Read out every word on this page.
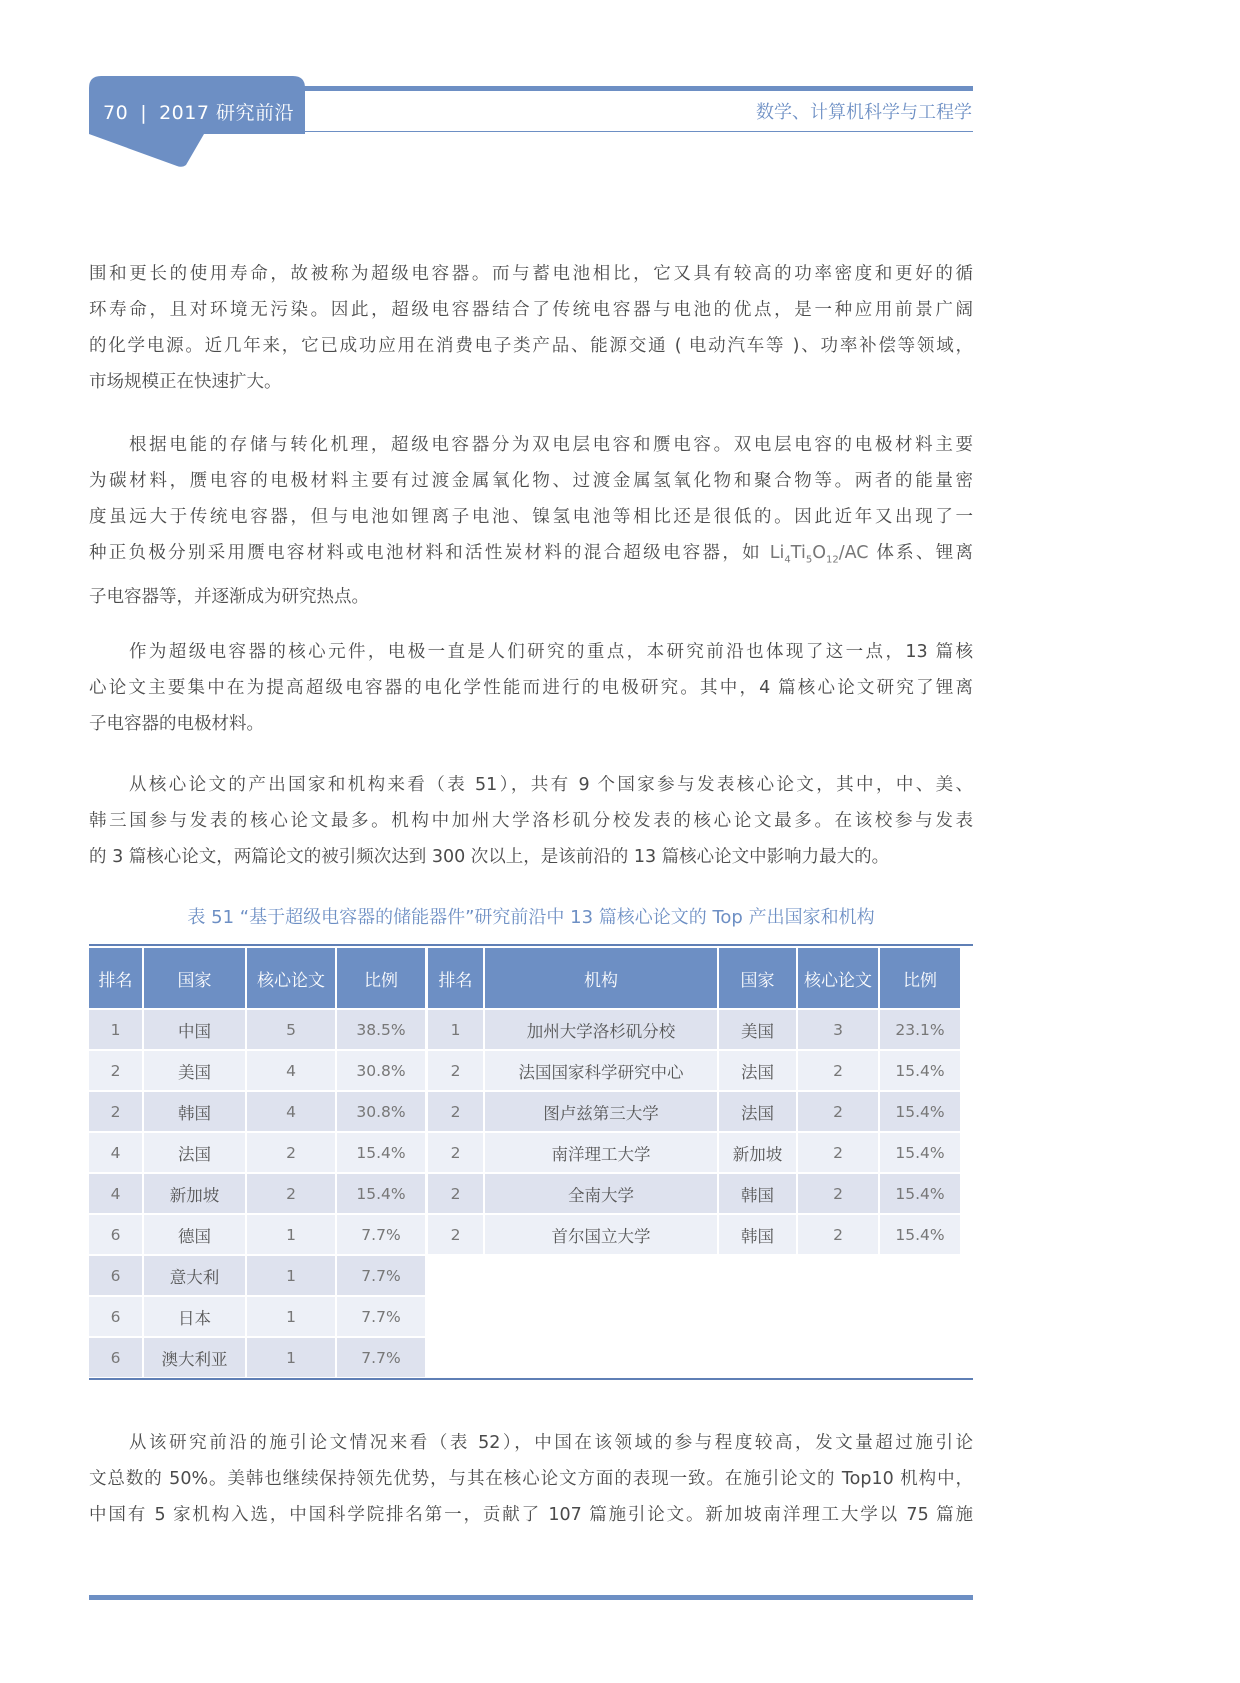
70 | 2017 研究前沿	数学、计算机科学与工程学

围和更长的使用寿命，故被称为超级电容器。而与蓄电池相比，它又具有较高的功率密度和更好的循

环寿命，且对环境无污染。因此，超级电容器结合了传统电容器与电池的优点，是一种应用前景广阔

的化学电源。近几年来，它已成功应用在消费电子类产品、能源交通 ( 电动汽车等 )、功率补偿等领域，

市场规模正在快速扩大。

根据电能的存储与转化机理，超级电容器分为双电层电容和赝电容。双电层电容的电极材料主要

为碳材料，赝电容的电极材料主要有过渡金属氧化物、过渡金属氢氧化物和聚合物等。两者的能量密

度虽远大于传统电容器，但与电池如锂离子电池、镍氢电池等相比还是很低的。因此近年又出现了一

种正负极分别采用赝电容材料或电池材料和活性炭材料的混合超级电容器，如 $Li_4Ti_5O_{12}/AC$ 体系、锂离

子电容器等，并逐渐成为研究热点。

作为超级电容器的核心元件，电极一直是人们研究的重点，本研究前沿也体现了这一点，13 篇核

心论文主要集中在为提高超级电容器的电化学性能而进行的电极研究。其中，4 篇核心论文研究了锂离

子电容器的电极材料。

从核心论文的产出国家和机构来看（表 51），共有 9 个国家参与发表核心论文，其中，中、美、

韩三国参与发表的核心论文最多。机构中加州大学洛杉矶分校发表的核心论文最多。在该校参与发表

的 3 篇核心论文，两篇论文的被引频次达到 300 次以上，是该前沿的 13 篇核心论文中影响力最大的。

表 51 “基于超级电容器的储能器件”研究前沿中 13 篇核心论文的 Top 产出国家和机构
排名	国家	核心论文	比例
1	中国	5	38.5%
2	美国	4	30.8%
2	韩国	4	30.8%
4	法国	2	15.4%
4	新加坡	2	15.4%
6	德国	1	7.7%
6	意大利	1	7.7%
6	日本	1	7.7%
6	澳大利亚	1	7.7%
排名	机构	国家	核心论文	比例
1	加州大学洛杉矶分校	美国	3	23.1%
2	法国国家科学研究中心	法国	2	15.4%
2	图卢兹第三大学	法国	2	15.4%
2	南洋理工大学	新加坡	2	15.4%
2	全南大学	韩国	2	15.4%
2	首尔国立大学	韩国	2	15.4%

从该研究前沿的施引论文情况来看（表 52），中国在该领域的参与程度较高，发文量超过施引论

文总数的 50%。美韩也继续保持领先优势，与其在核心论文方面的表现一致。在施引论文的 Top10 机构中，

中国有 5 家机构入选，中国科学院排名第一，贡献了 107 篇施引论文。新加坡南洋理工大学以 75 篇施
